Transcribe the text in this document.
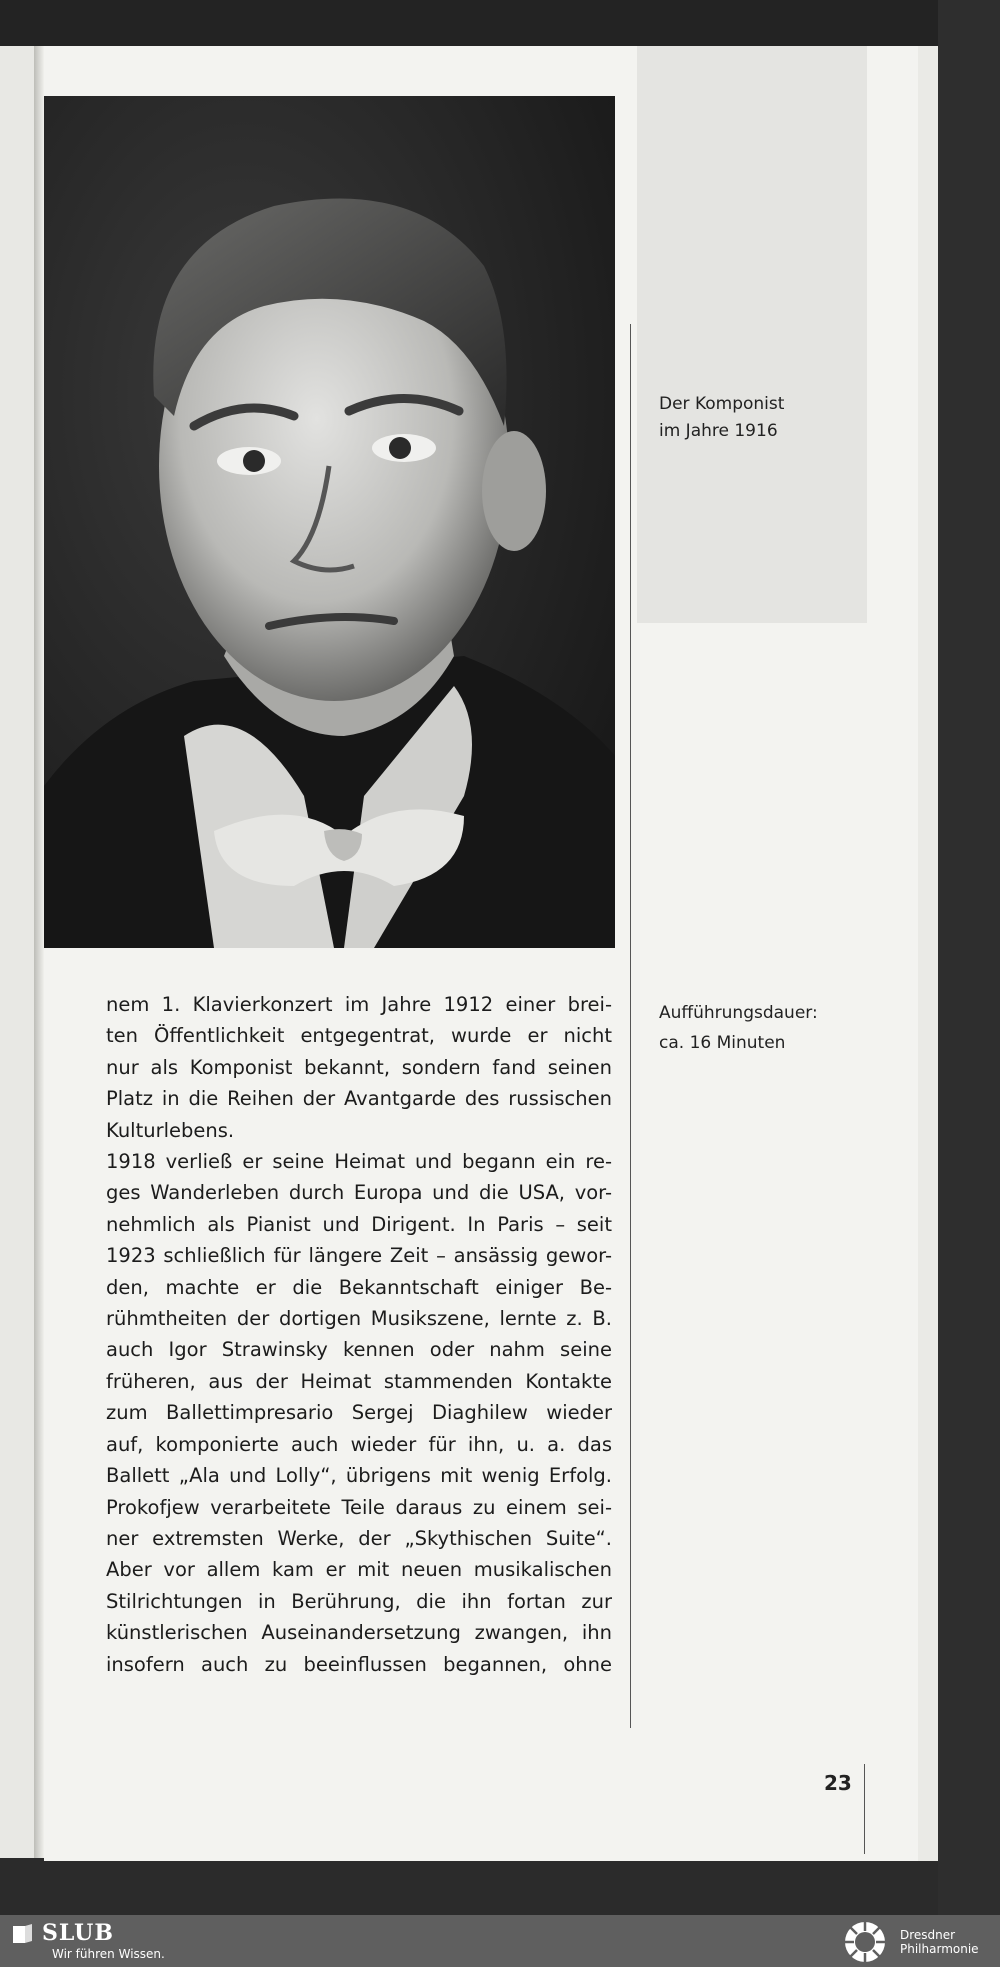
Der Komponist
im Jahre 1916
Aufführungsdauer:
ca. 16 Minuten
nem 1. Klavierkonzert im Jahre 1912 einer brei-
ten Öffentlichkeit entgegentrat, wurde er nicht
nur als Komponist bekannt, sondern fand seinen
Platz in die Reihen der Avantgarde des russischen
Kulturlebens.
1918 verließ er seine Heimat und begann ein re-
ges Wanderleben durch Europa und die USA, vor-
nehmlich als Pianist und Dirigent. In Paris – seit
1923 schließlich für längere Zeit – ansässig gewor-
den, machte er die Bekanntschaft einiger Be-
rühmtheiten der dortigen Musikszene, lernte z. B.
auch Igor Strawinsky kennen oder nahm seine
früheren, aus der Heimat stammenden Kontakte
zum Ballettimpresario Sergej Diaghilew wieder
auf, komponierte auch wieder für ihn, u. a. das
Ballett „Ala und Lolly“, übrigens mit wenig Erfolg.
Prokofjew verarbeitete Teile daraus zu einem sei-
ner extremsten Werke, der „Skythischen Suite“.
Aber vor allem kam er mit neuen musikalischen
Stilrichtungen in Berührung, die ihn fortan zur
künstlerischen Auseinandersetzung zwangen, ihn
insofern auch zu beeinflussen begannen, ohne
23
SLUB
Wir führen Wissen.
Dresdner
Philharmonie
